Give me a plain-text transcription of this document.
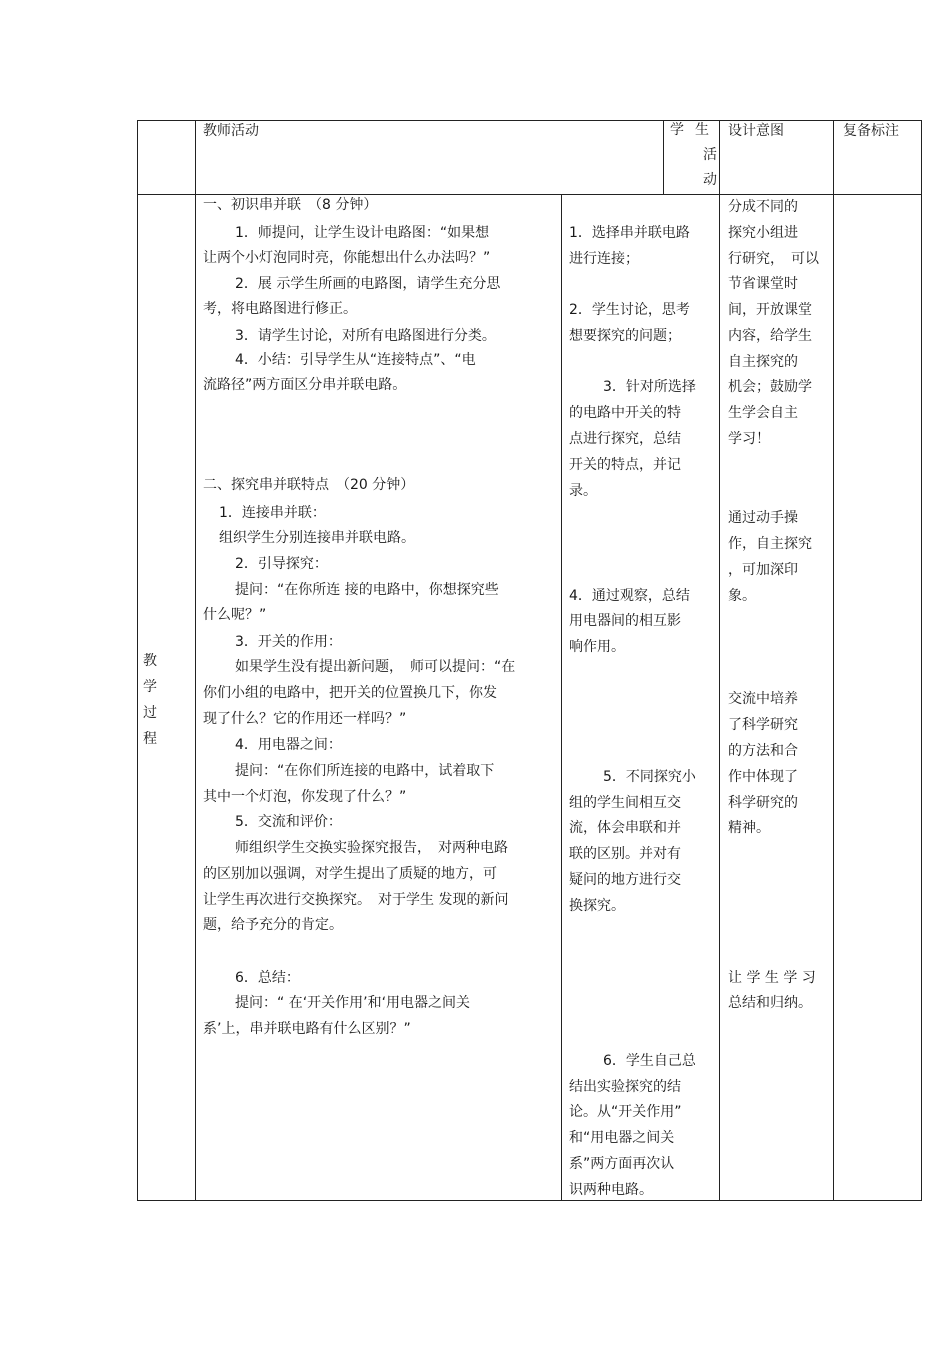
教师活动	学 生
活
动
设计意图	复备标注
教
学
过
程
一、初识串并联　（8 分钟）
1．师提问，让学生设计电路图：“如果想
让两个小灯泡同时亮，你能想出什么办法吗？”
2．展 示学生所画的电路图，请学生充分思
考，将电路图进行修正。
3．请学生讨论，对所有电路图进行分类。
4．小结：引导学生从“连接特点”、“电
流路径”两方面区分串并联电路。
二、探究串并联特点　（20 分钟）
1．连接串并联：
组织学生分别连接串并联电路。
2．引导探究：
提问：“在你所连 接的电路中，你想探究些
什么呢？”
3．开关的作用：
如果学生没有提出新问题，　师可以提问：“在
你们小组的电路中，把开关的位置换几下，你发
现了什么？它的作用还一样吗？”
4．用电器之间：
提问：“在你们所连接的电路中，试着取下
其中一个灯泡，你发现了什么？”
5．交流和评价：
师组织学生交换实验探究报告，　对两种电路
的区别加以强调，对学生提出了质疑的地方，可
让学生再次进行交换探究。　对于学生 发现的新问
题，给予充分的肯定。
6．总结：
提问：“ 在‘开关作用’和‘用电器之间关
系’上，串并联电路有什么区别？”
1．选择串并联电路
进行连接；
2．学生讨论，思考
想要探究的问题；
3．针对所选择
的电路中开关的特
点进行探究，总结
开关的特点，并记
录。
4．通过观察，总结
用电器间的相互影
响作用。
5．不同探究小
组的学生间相互交
流，体会串联和并
联的区别。并对有
疑问的地方进行交
换探究。
6．学生自己总
结出实验探究的结
论。从“开关作用”
和“用电器之间关
系”两方面再次认
识两种电路。
分成不同的
探究小组进
行研究，　可以
节省课堂时
间，开放课堂
内容，给学生
自主探究的
机会；鼓励学
生学会自主
学习！
通过动手操
作，自主探究
，可加深印
象。
交流中培养
了科学研究
的方法和合
作中体现了
科学研究的
精神。
让 学 生 学 习
总结和归纳。
